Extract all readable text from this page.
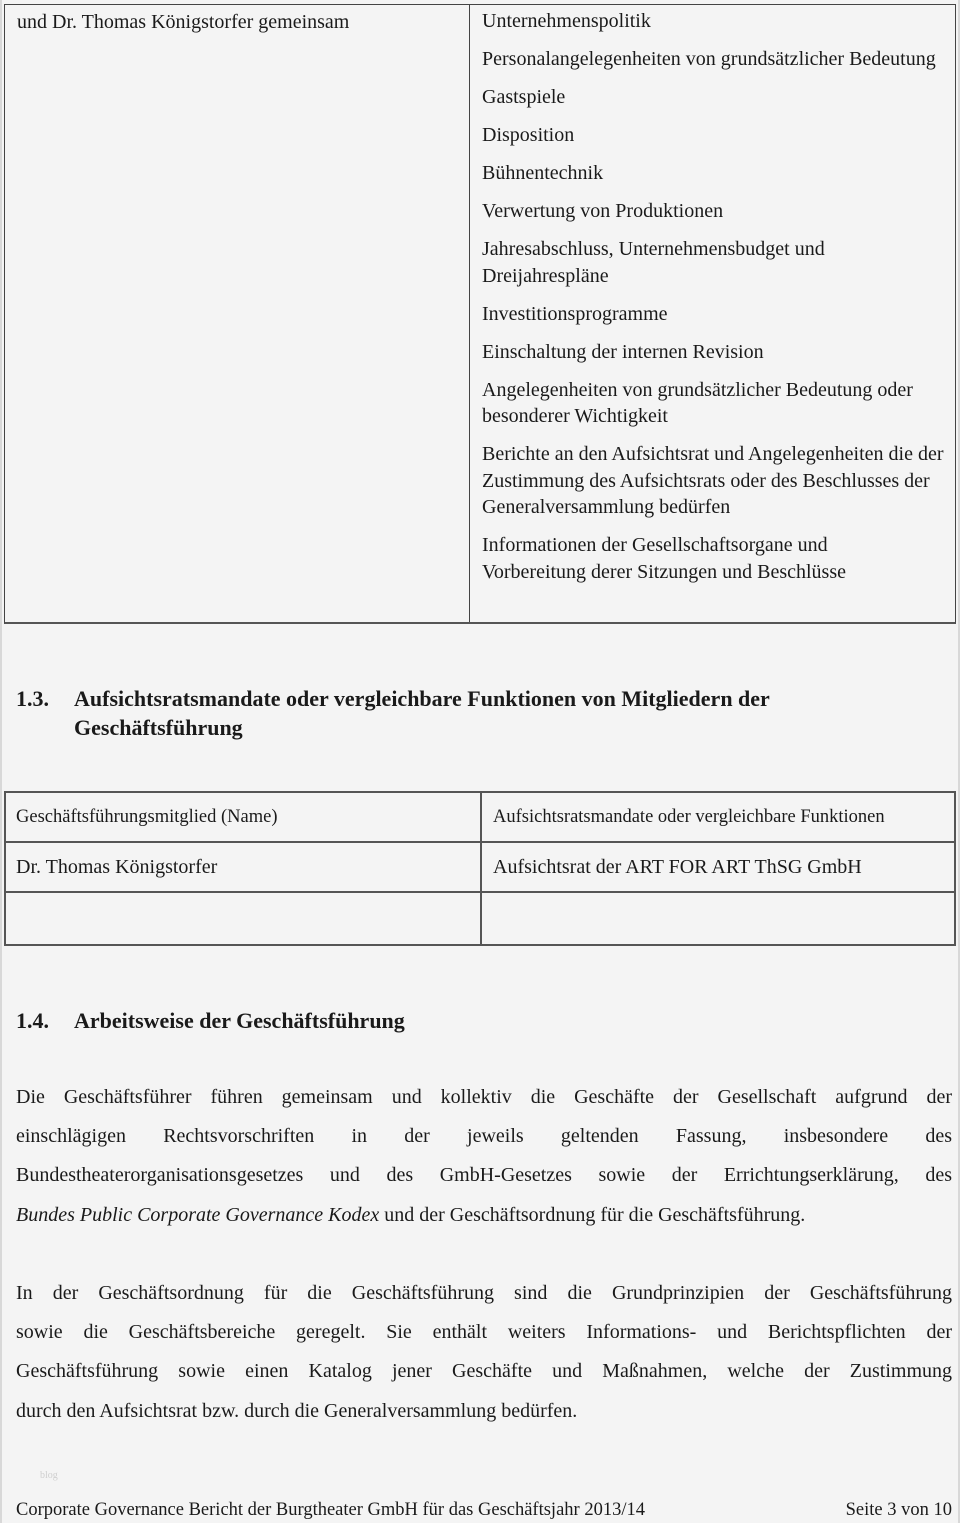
und Dr. Thomas Königstorfer gemeinsam	Unternehmenspolitik
Personalangelegenheiten von grundsätzlicher Bedeutung
Gastspiele
Disposition
Bühnentechnik
Verwertung von Produktionen
Jahresabschluss, Unternehmensbudget und Dreijahrespläne
Investitionsprogramme
Einschaltung der internen Revision
Angelegenheiten von grundsätzlicher Bedeutung oder besonderer Wichtigkeit
Berichte an den Aufsichtsrat und Angelegenheiten die der Zustimmung des Aufsichtsrats oder des Beschlusses der Generalversammlung bedürfen
Informationen der Gesellschaftsorgane und Vorbereitung derer Sitzungen und Beschlüsse
1.3.	Aufsichtsratsmandate oder vergleichbare Funktionen von Mitgliedern der Geschäftsführung
Geschäftsführungsmitglied (Name)	Aufsichtsratsmandate oder vergleichbare Funktionen
Dr. Thomas Königstorfer	Aufsichtsrat der ART FOR ART ThSG GmbH
1.4.	Arbeitsweise der Geschäftsführung
Die Geschäftsführer führen gemeinsam und kollektiv die Geschäfte der Gesellschaft aufgrund der
einschlägigen Rechtsvorschriften in der jeweils geltenden Fassung, insbesondere des
Bundestheaterorganisationsgesetzes und des GmbH-Gesetzes sowie der Errichtungserklärung, des
Bundes Public Corporate Governance Kodex und der Geschäftsordnung für die Geschäftsführung.
In der Geschäftsordnung für die Geschäftsführung sind die Grundprinzipien der Geschäftsführung
sowie die Geschäftsbereiche geregelt. Sie enthält weiters Informations- und Berichtspflichten der
Geschäftsführung sowie einen Katalog jener Geschäfte und Maßnahmen, welche der Zustimmung
durch den Aufsichtsrat bzw. durch die Generalversammlung bedürfen.
blog
Corporate Governance Bericht der Burgtheater GmbH für das Geschäftsjahr 2013/14	Seite 3 von 10
